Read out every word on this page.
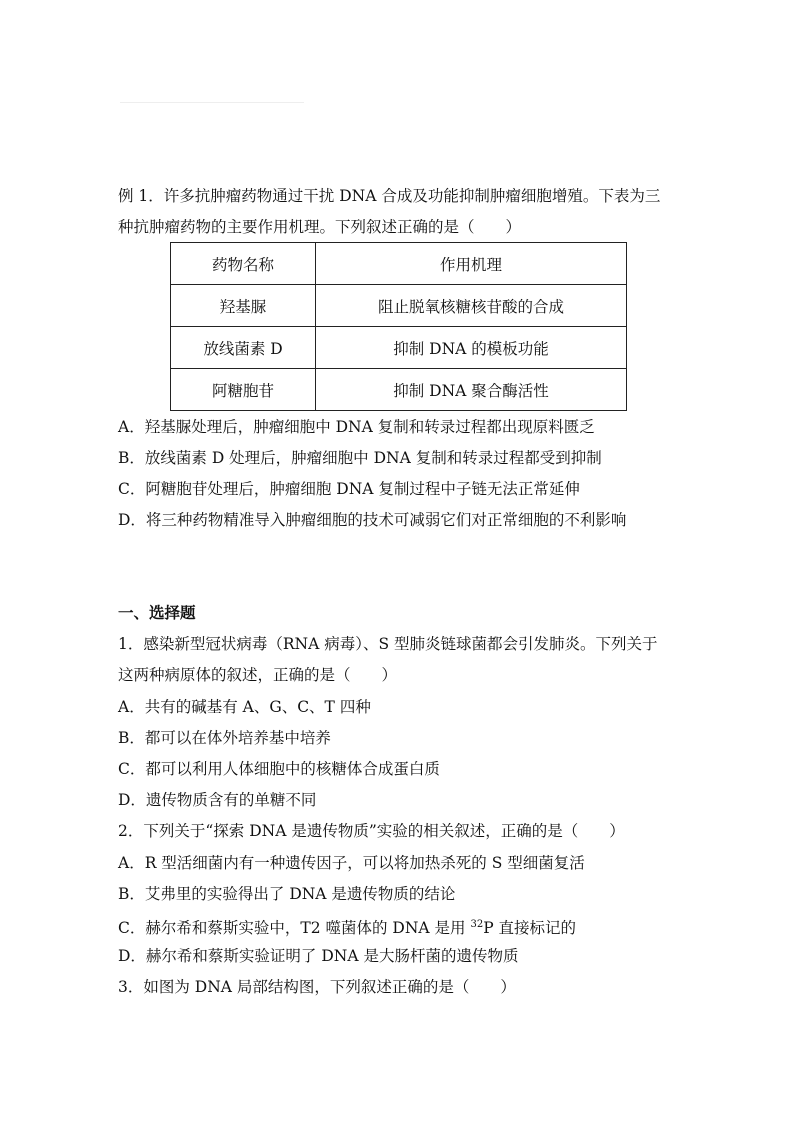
例 1．许多抗肿瘤药物通过干扰 DNA 合成及功能抑制肿瘤细胞增殖。下表为三
种抗肿瘤药物的主要作用机理。下列叙述正确的是（　　）
药物名称	作用机理
羟基脲	阻止脱氧核糖核苷酸的合成
放线菌素 D	抑制 DNA 的模板功能
阿糖胞苷	抑制 DNA 聚合酶活性
A．羟基脲处理后，肿瘤细胞中 DNA 复制和转录过程都出现原料匮乏
B．放线菌素 D 处理后，肿瘤细胞中 DNA 复制和转录过程都受到抑制
C．阿糖胞苷处理后，肿瘤细胞 DNA 复制过程中子链无法正常延伸
D．将三种药物精准导入肿瘤细胞的技术可减弱它们对正常细胞的不利影响
一、选择题
1．感染新型冠状病毒（RNA 病毒）、S 型肺炎链球菌都会引发肺炎。下列关于
这两种病原体的叙述，正确的是（　　）
A．共有的碱基有 A、G、C、T 四种
B．都可以在体外培养基中培养
C．都可以利用人体细胞中的核糖体合成蛋白质
D．遗传物质含有的单糖不同
2．下列关于“探索 DNA 是遗传物质”实验的相关叙述，正确的是（　　）
A．R 型活细菌内有一种遗传因子，可以将加热杀死的 S 型细菌复活
B．艾弗里的实验得出了 DNA 是遗传物质的结论
C．赫尔希和蔡斯实验中，T2 噬菌体的 DNA 是用 $^{32}$P 直接标记的
D．赫尔希和蔡斯实验证明了 DNA 是大肠杆菌的遗传物质
3．如图为 DNA 局部结构图，下列叙述正确的是（　　）
